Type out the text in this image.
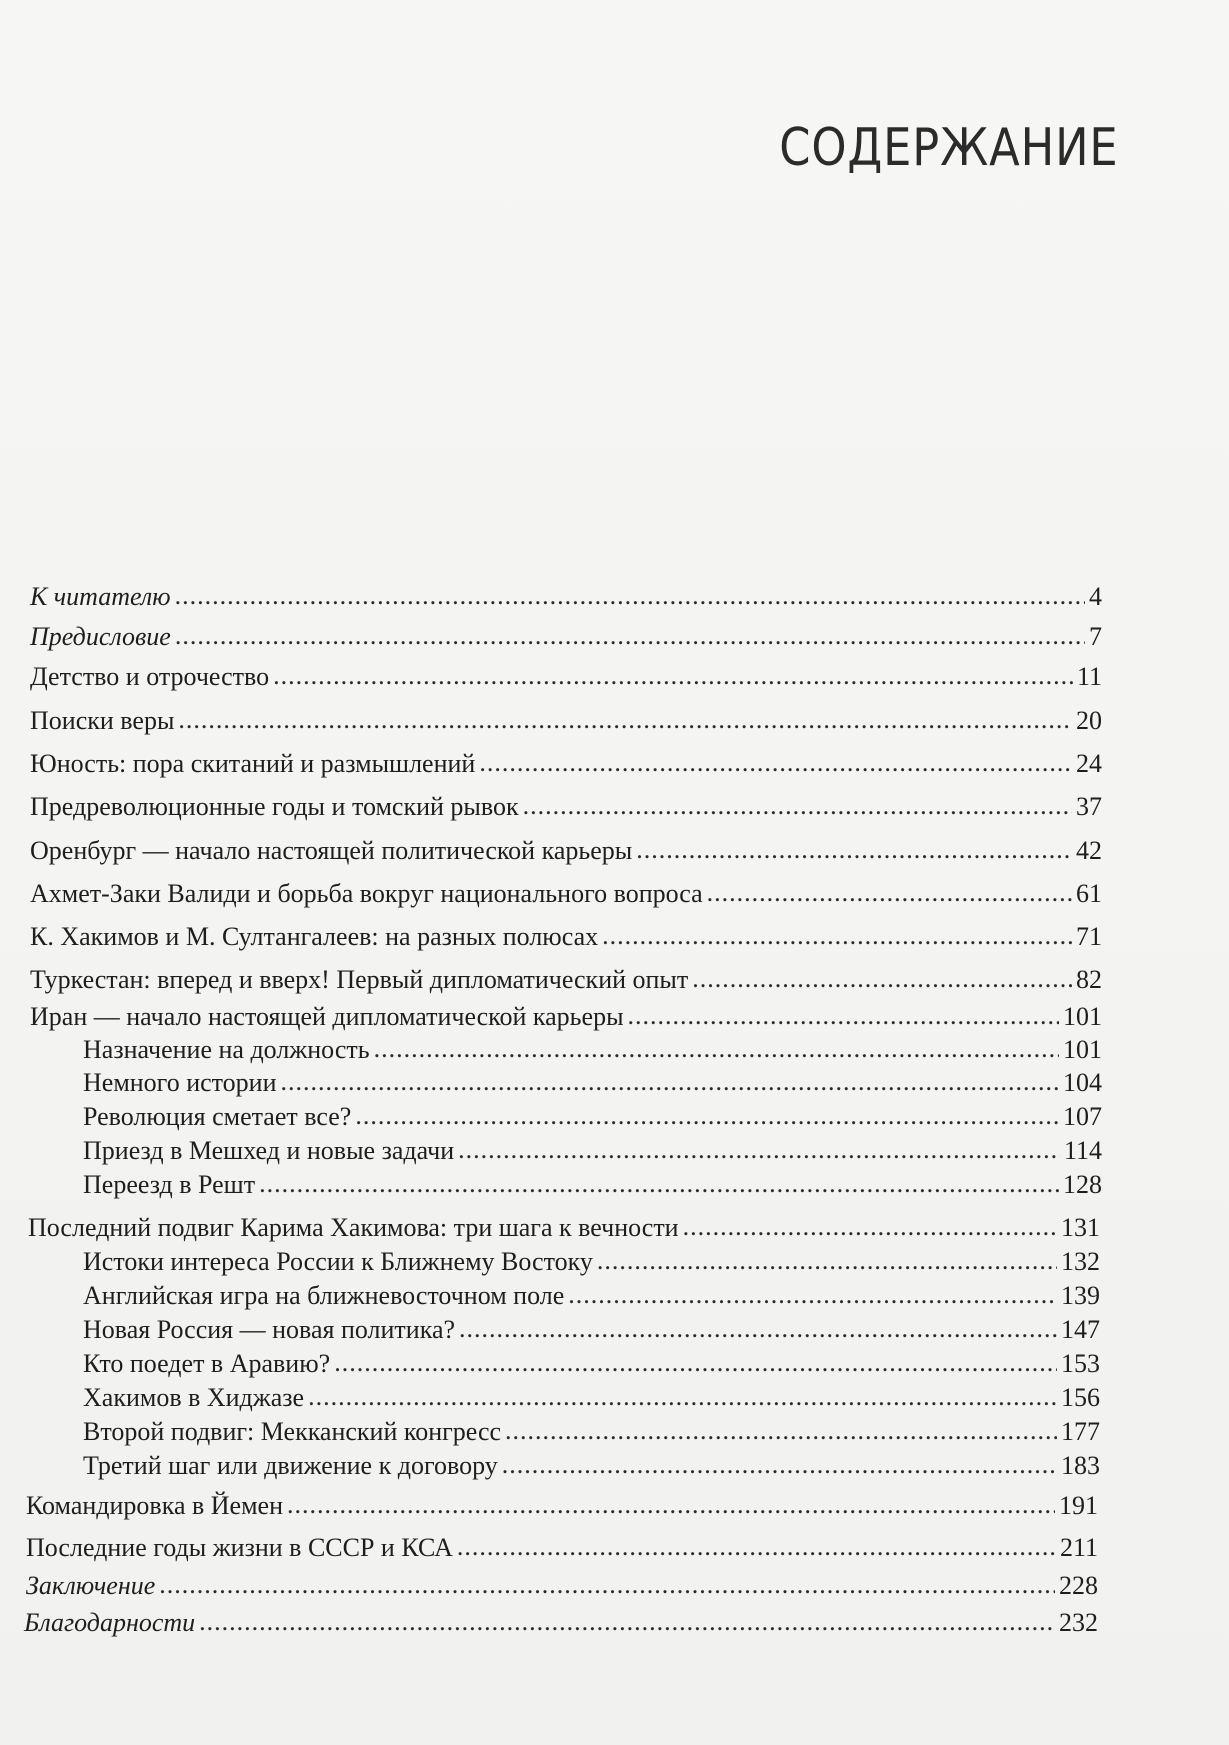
⁠ ⁠ ⁠ ⁠ ⁠ ⁠ ⁠ ⁠ ⁠ ⁠ ⁠	СОДЕРЖАНИЕ
К читателю .....	4
Предисловие .....	7
Детство и отрочество .....	11
Поиски веры .....	20
Юность: пора скитаний и размышлений .....	24
Предреволюционные годы и томский рывок .....	37
Оренбург — начало настоящей политической карьеры .....	42
Ахмет-Заки Валиди и борьба вокруг национального вопроса .....	61
К. Хакимов и М. Султангалеев: на разных полюсах .....	71
Туркестан: вперед и вверх! Первый дипломатический опыт .....	82
Иран — начало настоящей дипломатической карьеры .....	101
Назначение на должность .....	101
Немного истории .....	104
Революция сметает все? .....	107
Приезд в Мешхед и новые задачи .....	114
Переезд в Решт .....	128
Последний подвиг Карима Хакимова: три шага к вечности .....	131
Истоки интереса России к Ближнему Востоку .....	132
Английская игра на ближневосточном поле .....	139
Новая Россия — новая политика? .....	147
Кто поедет в Аравию? .....	153
Хакимов в Хиджазе .....	156
Второй подвиг: Мекканский конгресс .....	177
Третий шаг или движение к договору .....	183
Командировка в Йемен .....	191
Последние годы жизни в СССР и КСА .....	211
Заключение .....	228
Благодарности .....	232
